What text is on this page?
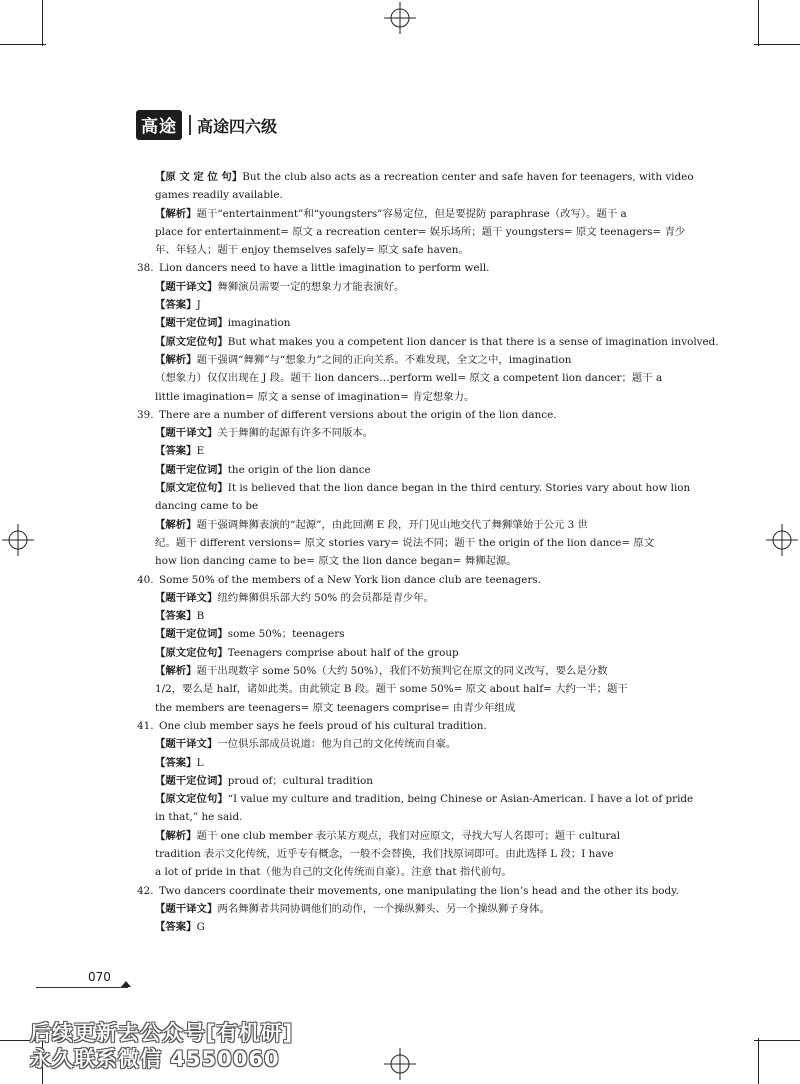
高途	高途四六级
【原 文 定 位 句】But the club also acts as a recreation center and safe haven for teenagers, with video
games readily available.
【解析】题干“entertainment”和“youngsters”容易定位，但是要提防 paraphrase（改写）。题干 a
place for entertainment= 原文 a recreation center= 娱乐场所；题干 youngsters= 原文 teenagers= 青少
年、年轻人；题干 enjoy themselves safely= 原文 safe haven。
38. Lion dancers need to have a little imagination to perform well.
【题干译文】舞狮演员需要一定的想象力才能表演好。
【答案】J
【题干定位词】imagination
【原文定位句】But what makes you a competent lion dancer is that there is a sense of imagination involved.
【解析】题干强调“舞狮”与“想象力”之间的正向关系。不难发现，全文之中，imagination
（想象力）仅仅出现在 J 段。题干 lion dancers…perform well= 原文 a competent lion dancer；题干 a
little imagination= 原文 a sense of imagination= 肯定想象力。
39. There are a number of different versions about the origin of the lion dance.
【题干译文】关于舞狮的起源有许多不同版本。
【答案】E
【题干定位词】the origin of the lion dance
【原文定位句】It is believed that the lion dance began in the third century. Stories vary about how lion
dancing came to be
【解析】题干强调舞狮表演的“起源”，由此回溯 E 段，开门见山地交代了舞狮肇始于公元 3 世
纪。题干 different versions= 原文 stories vary= 说法不同；题干 the origin of the lion dance= 原文
how lion dancing came to be= 原文 the lion dance began= 舞狮起源。
40. Some 50% of the members of a New York lion dance club are teenagers.
【题干译文】纽约舞狮俱乐部大约 50% 的会员都是青少年。
【答案】B
【题干定位词】some 50%；teenagers
【原文定位句】Teenagers comprise about half of the group
【解析】题干出现数字 some 50%（大约 50%），我们不妨预判它在原文的同义改写，要么是分数
1/2，要么是 half，诸如此类。由此锁定 B 段。题干 some 50%= 原文 about half= 大约一半；题干
the members are teenagers= 原文 teenagers comprise= 由青少年组成
41. One club member says he feels proud of his cultural tradition.
【题干译文】一位俱乐部成员说道：他为自己的文化传统而自豪。
【答案】L
【题干定位词】proud of；cultural tradition
【原文定位句】“I value my culture and tradition, being Chinese or Asian-American. I have a lot of pride
in that,” he said.
【解析】题干 one club member 表示某方观点，我们对应原文，寻找大写人名即可；题干 cultural
tradition 表示文化传统，近乎专有概念，一般不会替换，我们找原词即可。由此选择 L 段；I have
a lot of pride in that（他为自己的文化传统而自豪）。注意 that 指代前句。
42. Two dancers coordinate their movements, one manipulating the lion’s head and the other its body.
【题干译文】两名舞狮者共同协调他们的动作，一个操纵狮头、另一个操纵狮子身体。
【答案】G
070
后续更新去公众号[有机研]
永久联系微信 4550060
